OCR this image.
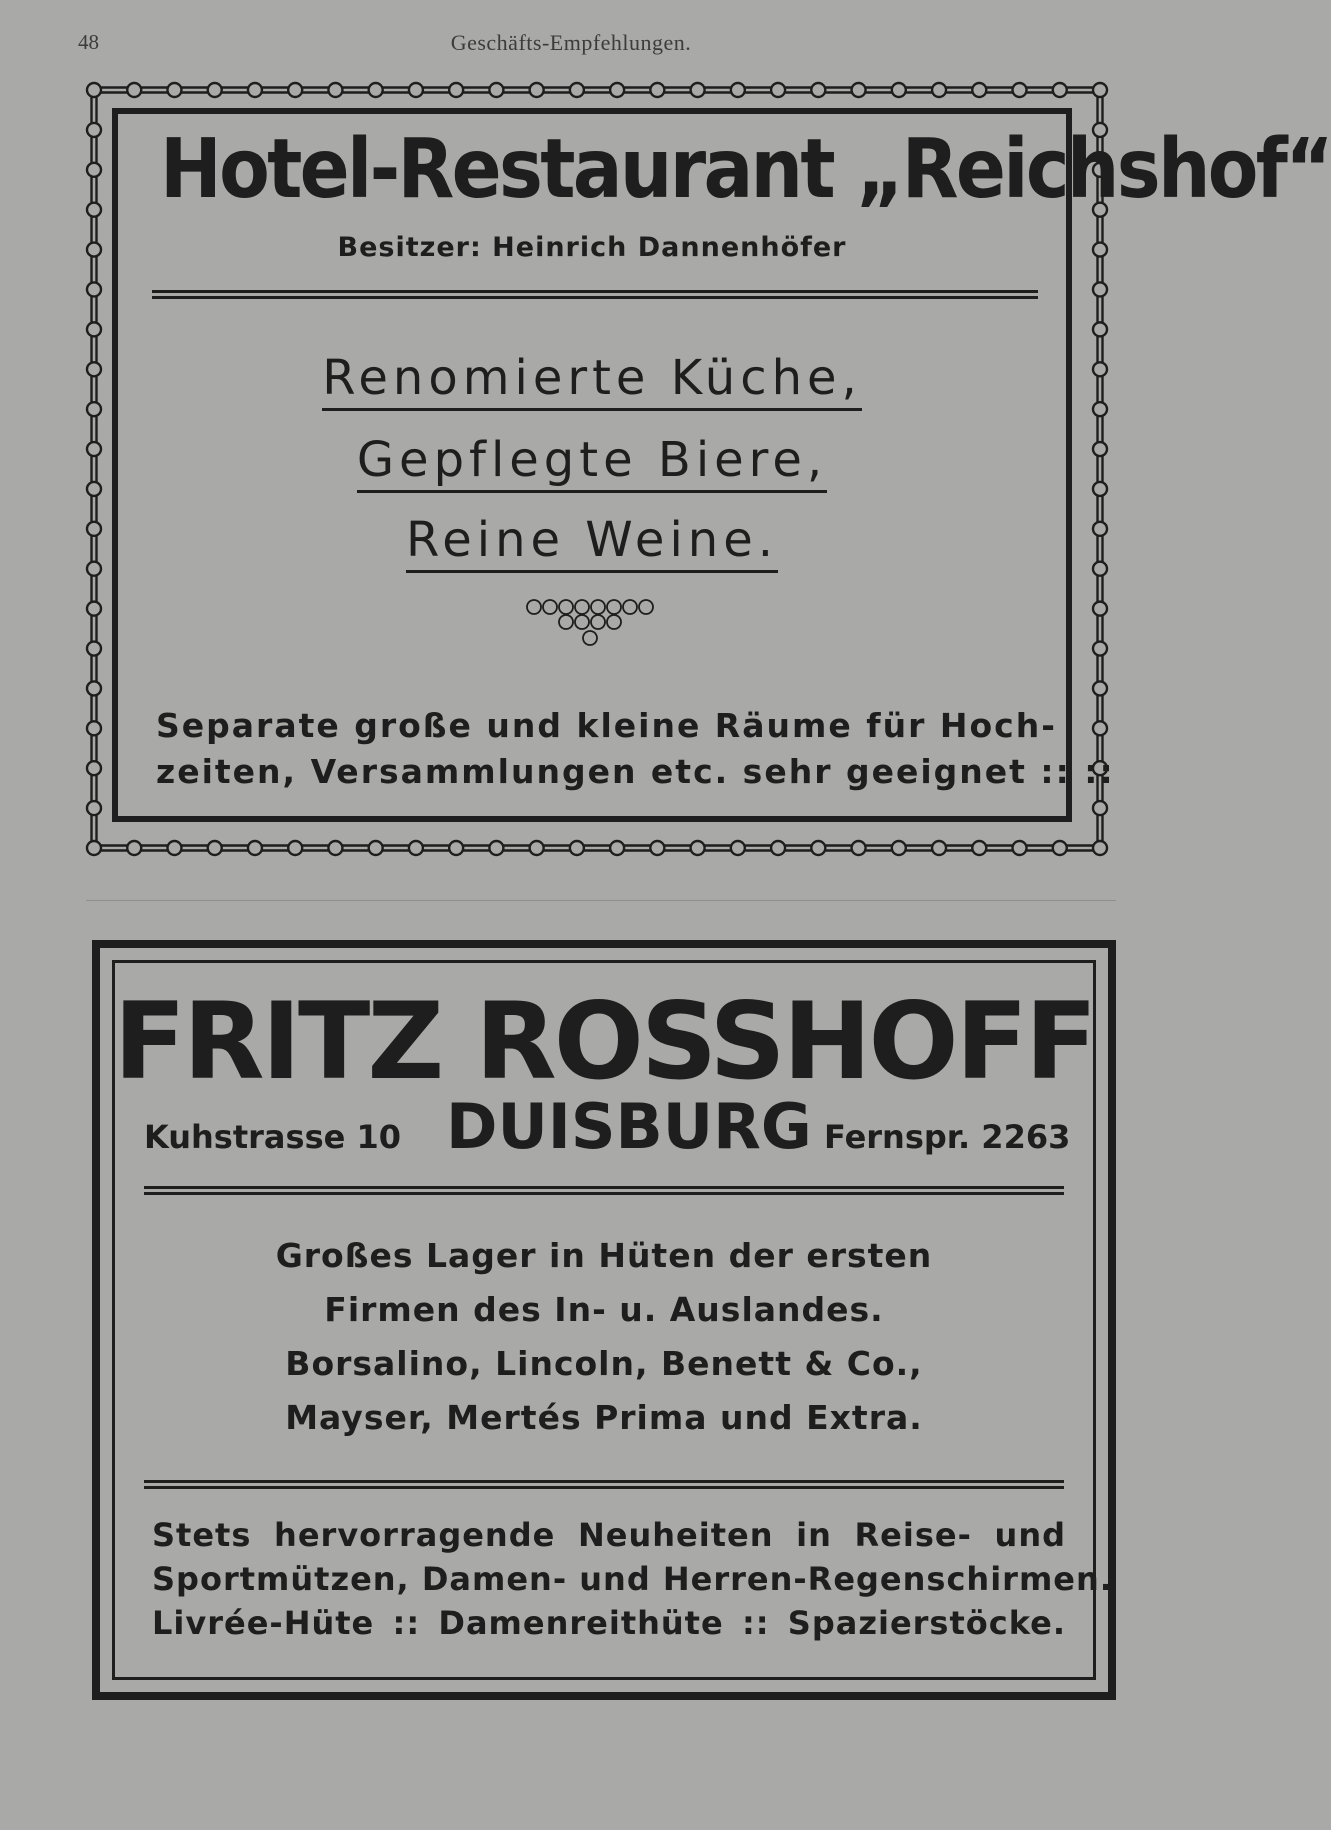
48	Geschäfts-Empfehlungen.
Hotel-Restaurant „Reichshof“
Besitzer: Heinrich Dannenhöfer
Renomierte Küche,
Gepflegte Biere,
Reine Weine.
Separate große und kleine Räume für Hoch-
zeiten, Versammlungen etc. sehr geeignet :: ::
FRITZ ROSSHOFF
Kuhstrasse 10 DUISBURG Fernspr. 2263
Großes Lager in Hüten der ersten
Firmen des In- u. Auslandes.
Borsalino, Lincoln, Benett & Co.,
Mayser, Mertés Prima und Extra.
Stets hervorragende Neuheiten in Reise- und
Sportmützen, Damen- und Herren-Regenschirmen.
Livrée-Hüte :: Damenreithüte :: Spazierstöcke.
